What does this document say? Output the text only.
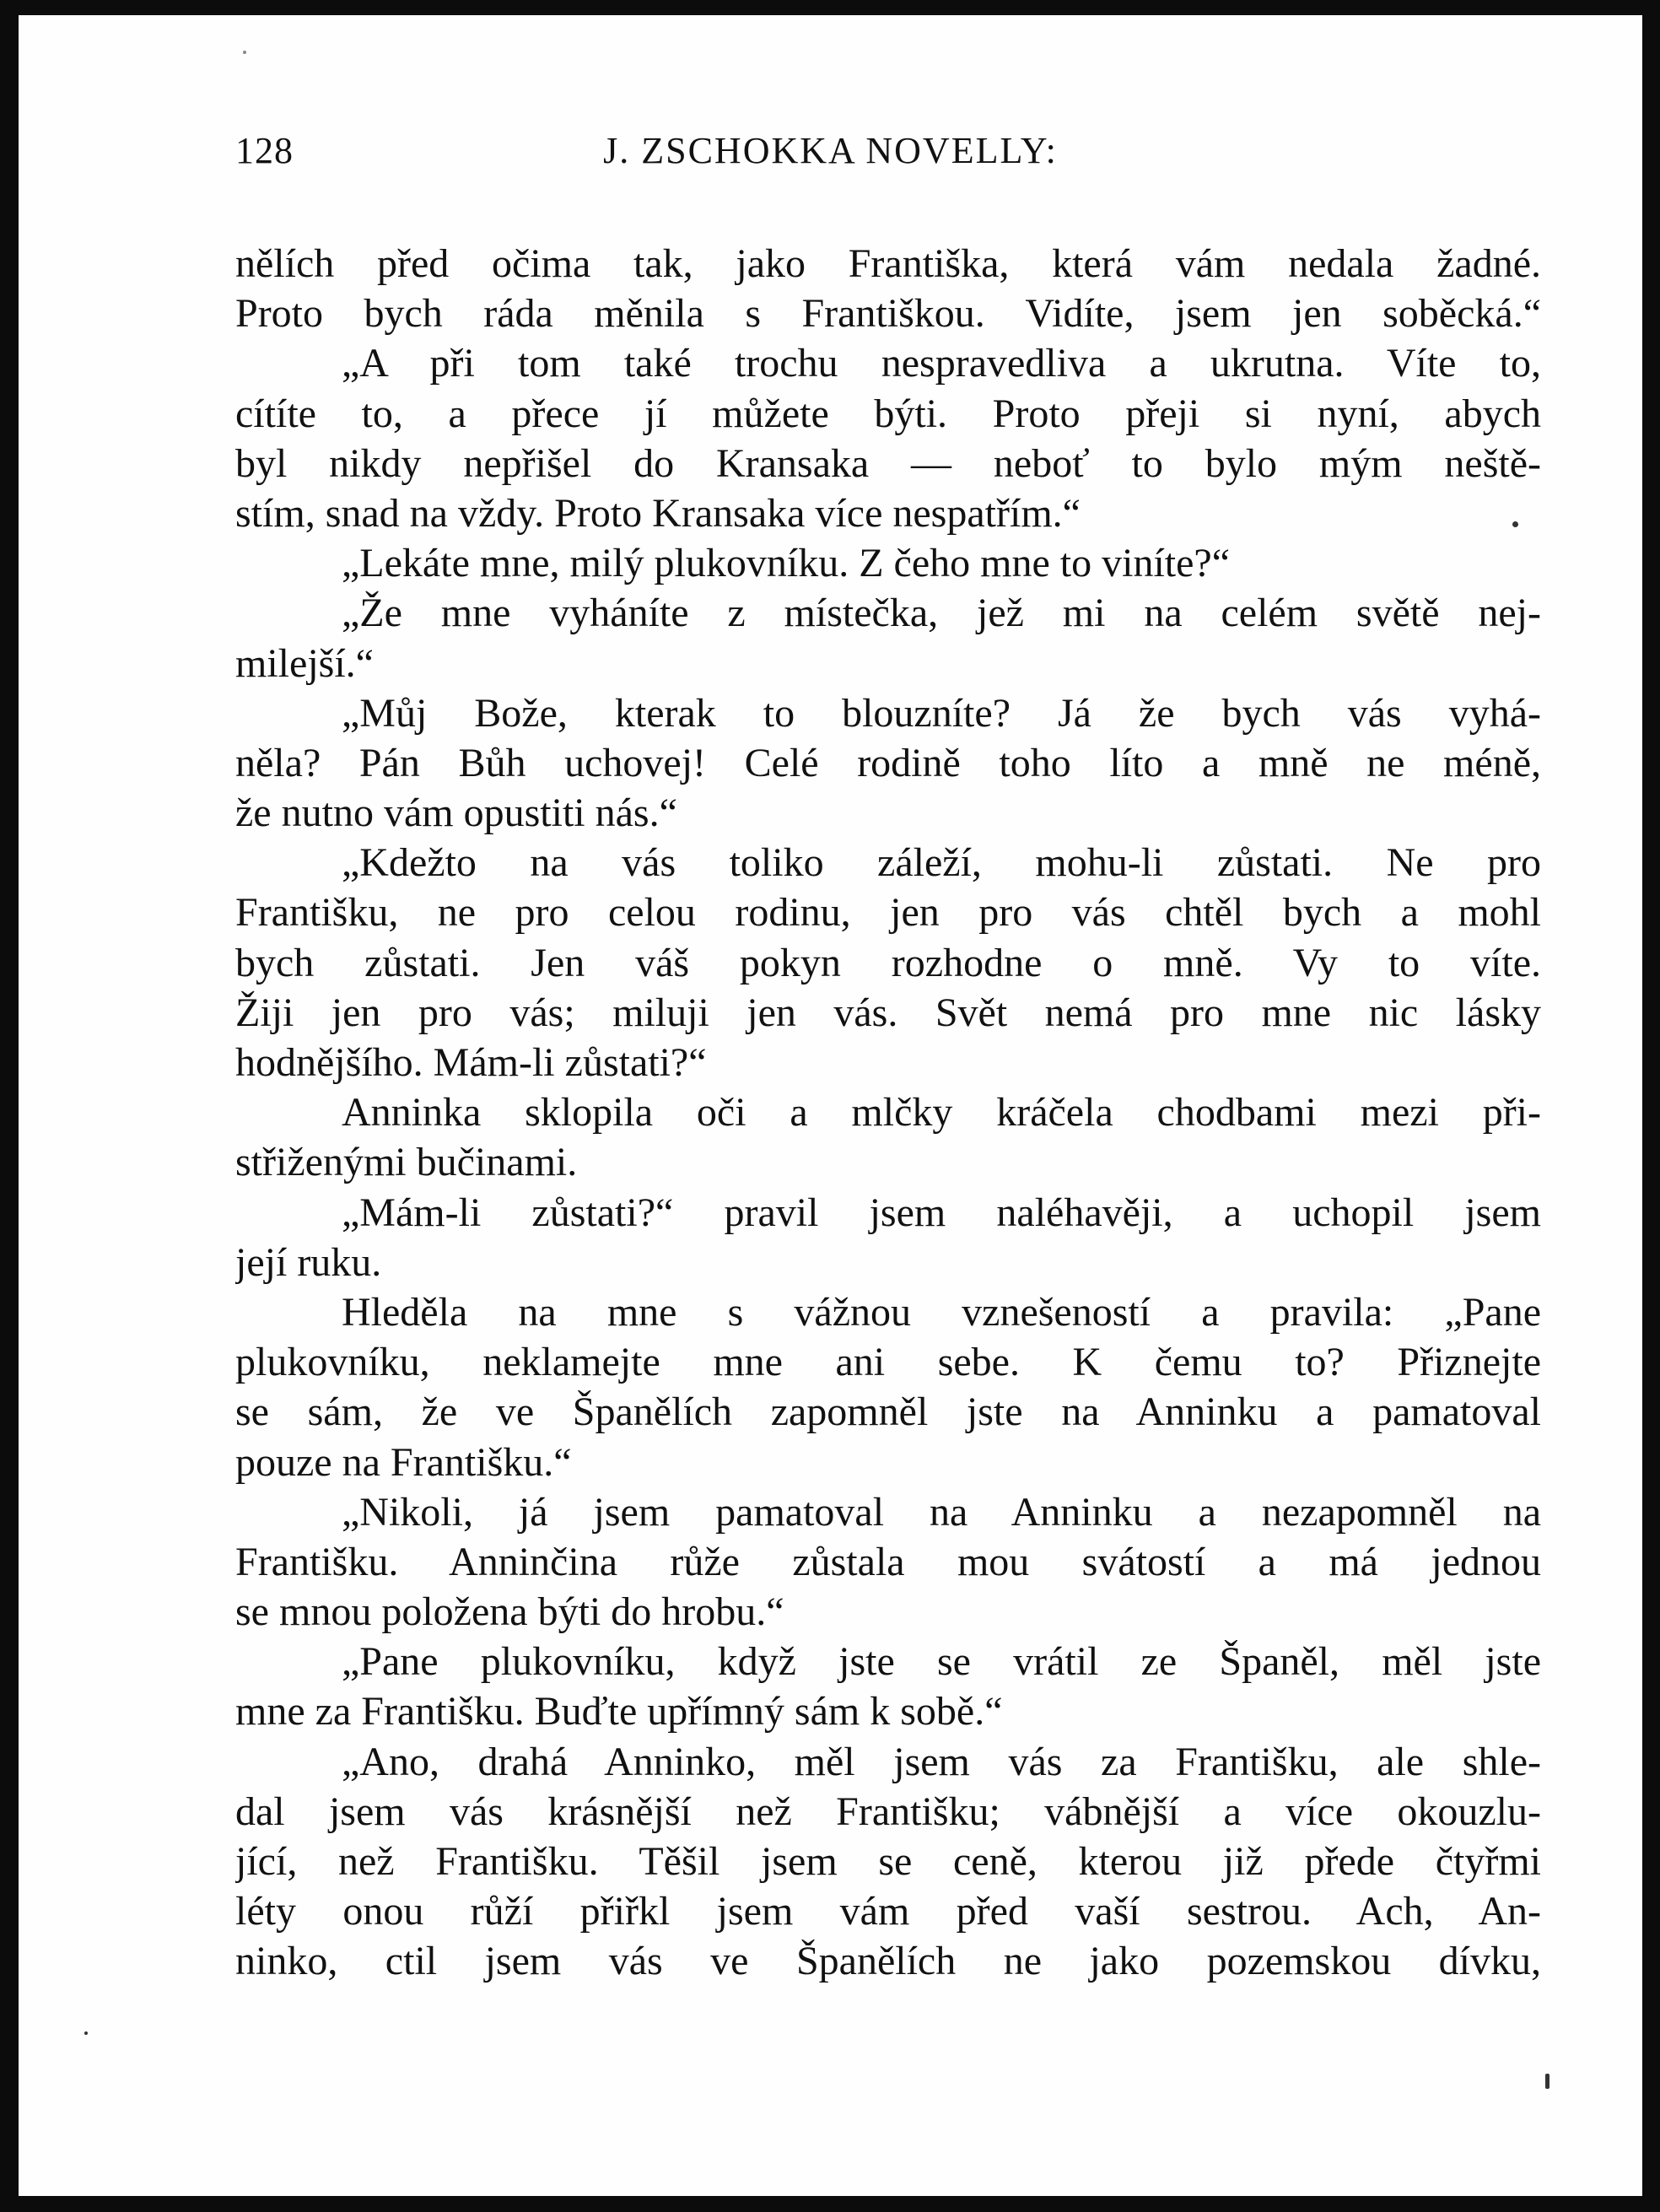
128	J. ZSCHOKKA NOVELLY:
nělích před očima tak, jako Františka, která vám nedala žadné.
Proto bych ráda měnila s Františkou. Vidíte, jsem jen soběcká.“
„A při tom také trochu nespravedliva a ukrutna. Víte to,
cítíte to, a přece jí můžete býti. Proto přeji si nyní, abych
byl nikdy nepřišel do Kransaka — neboť to bylo mým neště-
stím, snad na vždy. Proto Kransaka více nespatřím.“
„Lekáte mne, milý plukovníku. Z čeho mne to viníte?“
„Že mne vyháníte z místečka, jež mi na celém světě nej-
milejší.“
„Můj Bože, kterak to blouzníte? Já že bych vás vyhá-
něla? Pán Bůh uchovej! Celé rodině toho líto a mně ne méně,
že nutno vám opustiti nás.“
„Kdežto na vás toliko záleží, mohu-li zůstati. Ne pro
Františku, ne pro celou rodinu, jen pro vás chtěl bych a mohl
bych zůstati. Jen váš pokyn rozhodne o mně. Vy to víte.
Žiji jen pro vás; miluji jen vás. Svět nemá pro mne nic lásky
hodnějšího. Mám-li zůstati?“
Anninka sklopila oči a mlčky kráčela chodbami mezi při-
střiženými bučinami.
„Mám-li zůstati?“ pravil jsem naléhavěji, a uchopil jsem
její ruku.
Hleděla na mne s vážnou vznešeností a pravila: „Pane
plukovníku, neklamejte mne ani sebe. K čemu to? Přiznejte
se sám, že ve Španělích zapomněl jste na Anninku a pamatoval
pouze na Františku.“
„Nikoli, já jsem pamatoval na Anninku a nezapomněl na
Františku. Anninčina růže zůstala mou svátostí a má jednou
se mnou položena býti do hrobu.“
„Pane plukovníku, když jste se vrátil ze Španěl, měl jste
mne za Františku. Buďte upřímný sám k sobě.“
„Ano, drahá Anninko, měl jsem vás za Františku, ale shle-
dal jsem vás krásnější než Františku; vábnější a více okouzlu-
jící, než Františku. Těšil jsem se ceně, kterou již přede čtyřmi
léty onou růží přiřkl jsem vám před vaší sestrou. Ach, An-
ninko, ctil jsem vás ve Španělích ne jako pozemskou dívku,
